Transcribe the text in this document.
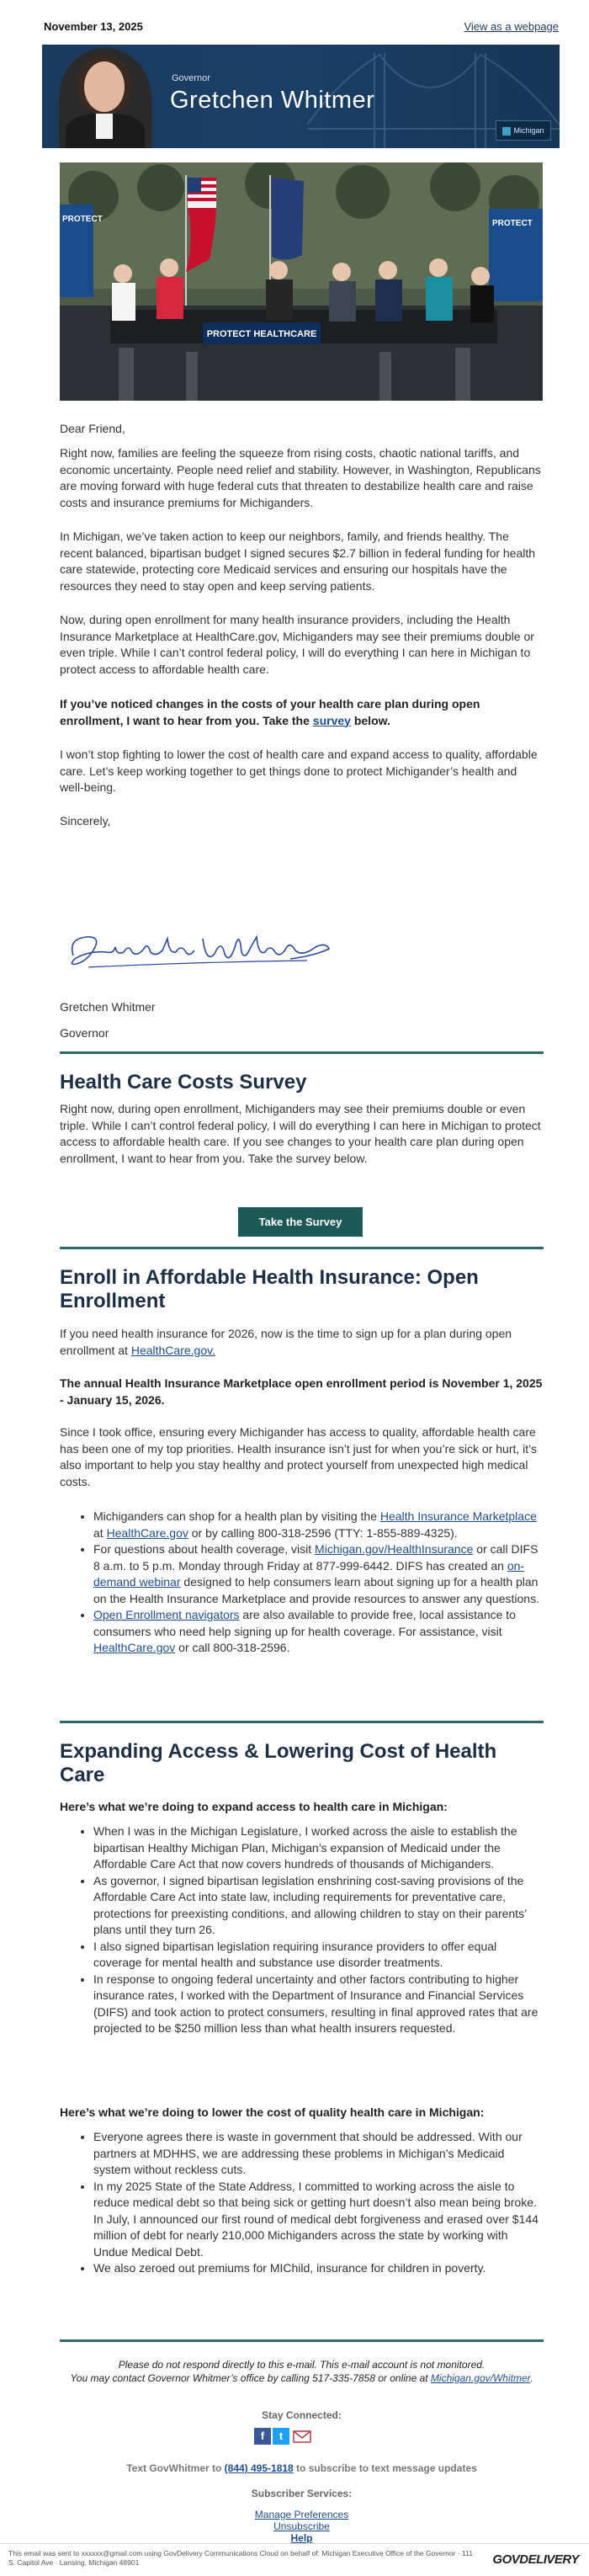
November 13, 2025	View as a webpage
Governor
Gretchen Whitmer
Michigan
PROTECT	PROTECT
PROTECT HEALTHCARE

Dear Friend,

Right now, families are feeling the squeeze from rising costs, chaotic national tariffs, and economic uncertainty. People need relief and stability. However, in Washington, Republicans are moving forward with huge federal cuts that threaten to destabilize health care and raise costs and insurance premiums for Michiganders.

In Michigan, we’ve taken action to keep our neighbors, family, and friends healthy. The recent balanced, bipartisan budget I signed secures $2.7 billion in federal funding for health care statewide, protecting core Medicaid services and ensuring our hospitals have the resources they need to stay open and keep serving patients.

Now, during open enrollment for many health insurance providers, including the Health Insurance Marketplace at HealthCare.gov, Michiganders may see their premiums double or even triple. While I can’t control federal policy, I will do everything I can here in Michigan to protect access to affordable health care.

If you’ve noticed changes in the costs of your health care plan during open enrollment, I want to hear from you. Take the survey below.

I won’t stop fighting to lower the cost of health care and expand access to quality, affordable care. Let’s keep working together to get things done to protect Michigander’s health and well-being.

Sincerely,

Gretchen Whitmer

Governor

Health Care Costs Survey

Right now, during open enrollment, Michiganders may see their premiums double or even triple. While I can’t control federal policy, I will do everything I can here in Michigan to protect access to affordable health care. If you see changes to your health care plan during open enrollment, I want to hear from you. Take the survey below.

Take the Survey
Enroll in Affordable Health Insurance: Open Enrollment

If you need health insurance for 2026, now is the time to sign up for a plan during open enrollment at HealthCare.gov.

The annual Health Insurance Marketplace open enrollment period is November 1, 2025 - January 15, 2026.

Since I took office, ensuring every Michigander has access to quality, affordable health care has been one of my top priorities. Health insurance isn’t just for when you’re sick or hurt, it’s also important to help you stay healthy and protect yourself from unexpected high medical costs.

• Michiganders can shop for a health plan by visiting the Health Insurance Marketplace at HealthCare.gov or by calling 800-318-2596 (TTY: 1-855-889-4325).
• For questions about health coverage, visit Michigan.gov/HealthInsurance or call DIFS 8 a.m. to 5 p.m. Monday through Friday at 877-999-6442. DIFS has created an on-demand webinar designed to help consumers learn about signing up for a health plan on the Health Insurance Marketplace and provide resources to answer any questions.
• Open Enrollment navigators are also available to provide free, local assistance to consumers who need help signing up for health coverage. For assistance, visit HealthCare.gov or call 800-318-2596.
Expanding Access & Lowering Cost of Health Care

Here’s what we’re doing to expand access to health care in Michigan:

• When I was in the Michigan Legislature, I worked across the aisle to establish the bipartisan Healthy Michigan Plan, Michigan’s expansion of Medicaid under the Affordable Care Act that now covers hundreds of thousands of Michiganders.
• As governor, I signed bipartisan legislation enshrining cost-saving provisions of the Affordable Care Act into state law, including requirements for preventative care, protections for preexisting conditions, and allowing children to stay on their parents’ plans until they turn 26.
• I also signed bipartisan legislation requiring insurance providers to offer equal coverage for mental health and substance use disorder treatments.
• In response to ongoing federal uncertainty and other factors contributing to higher insurance rates, I worked with the Department of Insurance and Financial Services (DIFS) and took action to protect consumers, resulting in final approved rates that are projected to be $250 million less than what health insurers requested.

Here’s what we’re doing to lower the cost of quality health care in Michigan:

• Everyone agrees there is waste in government that should be addressed. With our partners at MDHHS, we are addressing these problems in Michigan’s Medicaid system without reckless cuts.
• In my 2025 State of the State Address, I committed to working across the aisle to reduce medical debt so that being sick or getting hurt doesn’t also mean being broke. In July, I announced our first round of medical debt forgiveness and erased over $144 million of debt for nearly 210,000 Michiganders across the state by working with Undue Medical Debt.
• We also zeroed out premiums for MIChild, insurance for children in poverty.
Please do not respond directly to this e-mail. This e-mail account is not monitored.
You may contact Governor Whitmer’s office by calling 517-335-7858 or online at Michigan.gov/Whitmer.
Stay Connected:
f	t
Text GovWhitmer to (844) 495-1818 to subscribe to text message updates
Subscriber Services:
Manage Preferences
Unsubscribe
Help
This email was sent to xxxxxx@gmail.com using GovDelivery Communications Cloud on behalf of: Michigan Executive Office of the Governor · 111 S. Capitol Ave · Lansing, Michigan 48901	GOVDELIVERY
